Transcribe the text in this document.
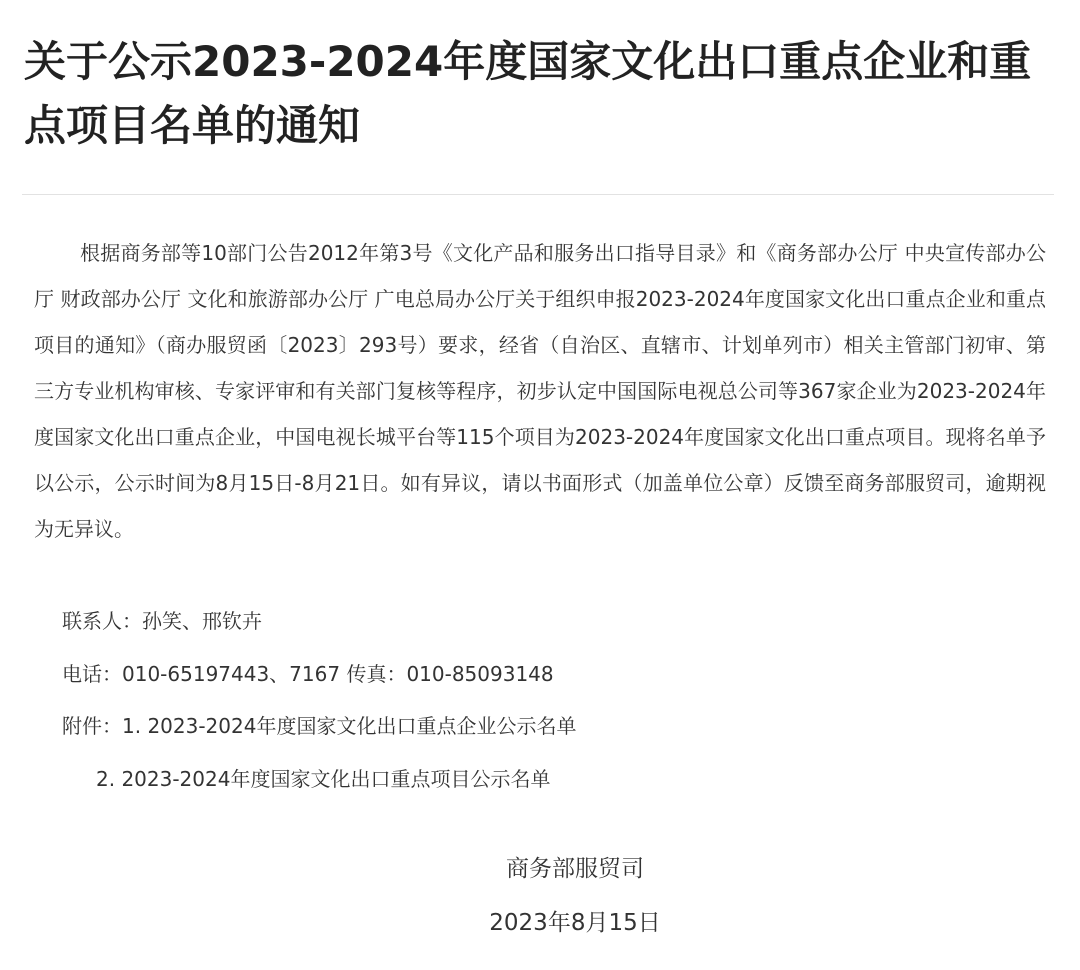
关于公示2023-2024年度国家文化出口重点企业和重点项目名单的通知

根据商务部等10部门公告2012年第3号《文化产品和服务出口指导目录》和《商务部办公厅 中央宣传部办公厅 财政部办公厅 文化和旅游部办公厅 广电总局办公厅关于组织申报2023-2024年度国家文化出口重点企业和重点项目的通知》（商办服贸函〔2023〕293号）要求，经省（自治区、直辖市、计划单列市）相关主管部门初审、第三方专业机构审核、专家评审和有关部门复核等程序，初步认定中国国际电视总公司等367家企业为2023-2024年度国家文化出口重点企业，中国电视长城平台等115个项目为2023-2024年度国家文化出口重点项目。现将名单予以公示，公示时间为8月15日-8月21日。如有异议，请以书面形式（加盖单位公章）反馈至商务部服贸司，逾期视为无异议。

联系人：孙笑、邢钦卉

电话：010-65197443、7167 传真：010-85093148

附件：1. 2023-2024年度国家文化出口重点企业公示名单

2. 2023-2024年度国家文化出口重点项目公示名单

商务部服贸司

2023年8月15日
